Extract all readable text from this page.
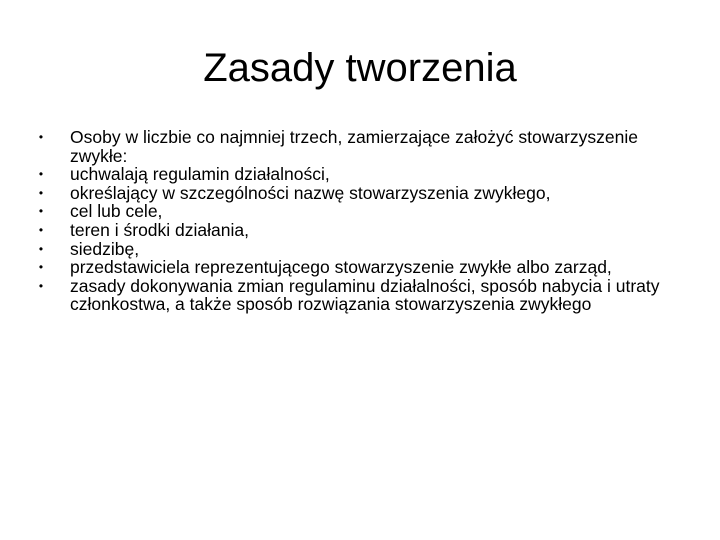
Zasady tworzenia
• Osoby w liczbie co najmniej trzech, zamierzające założyć stowarzyszenie zwykłe:
• uchwalają regulamin działalności,
• określający w szczególności nazwę stowarzyszenia zwykłego,
• cel lub cele,
• teren i środki działania,
• siedzibę,
• przedstawiciela reprezentującego stowarzyszenie zwykłe albo zarząd,
• zasady dokonywania zmian regulaminu działalności, sposób nabycia i utraty członkostwa, a także sposób rozwiązania stowarzyszenia zwykłego
